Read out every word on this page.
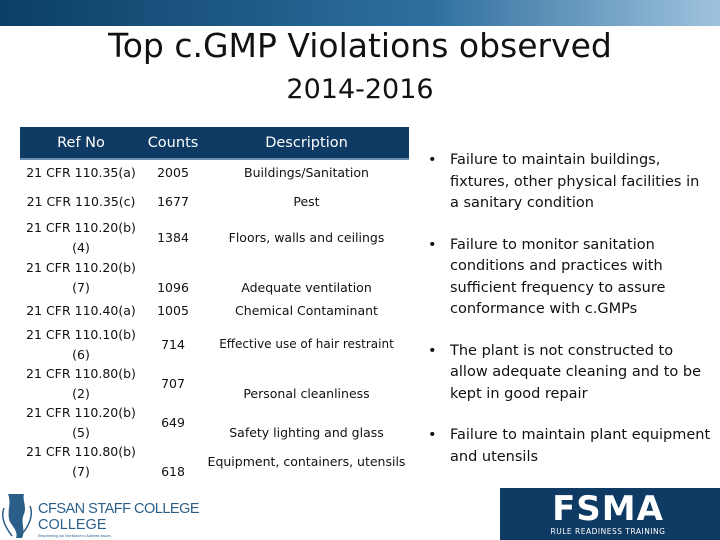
Top c.GMP Violations observed
2014-2016
Ref No	Counts	Description
21 CFR 110.35(a)	2005	Buildings/Sanitation
21 CFR 110.35(c)	1677	Pest
21 CFR 110.20(b)(4)	1384	Floors, walls and ceilings
21 CFR 110.20(b)(7)	1096	Adequate ventilation
21 CFR 110.40(a)	1005	Chemical Contaminant
21 CFR 110.10(b)(6)	714	Effective use of hair restraint
21 CFR 110.80(b)(2)	707	Personal cleanliness
21 CFR 110.20(b)(5)	649	Safety lighting and glass
21 CFR 110.80(b)(7)	618	Equipment, containers, utensils
• Failure to maintain buildings, fixtures, other physical facilities in a sanitary condition
• Failure to monitor sanitation conditions and practices with sufficient frequency to assure conformance with c.GMPs
• The plant is not constructed to allow adequate cleaning and to be kept in good repair
• Failure to maintain plant equipment and utensils
CFSAN STAFF COLLEGE
COLLEGE
Empowering our Workforce to Address Issues
FSMA
RULE READINESS TRAINING
